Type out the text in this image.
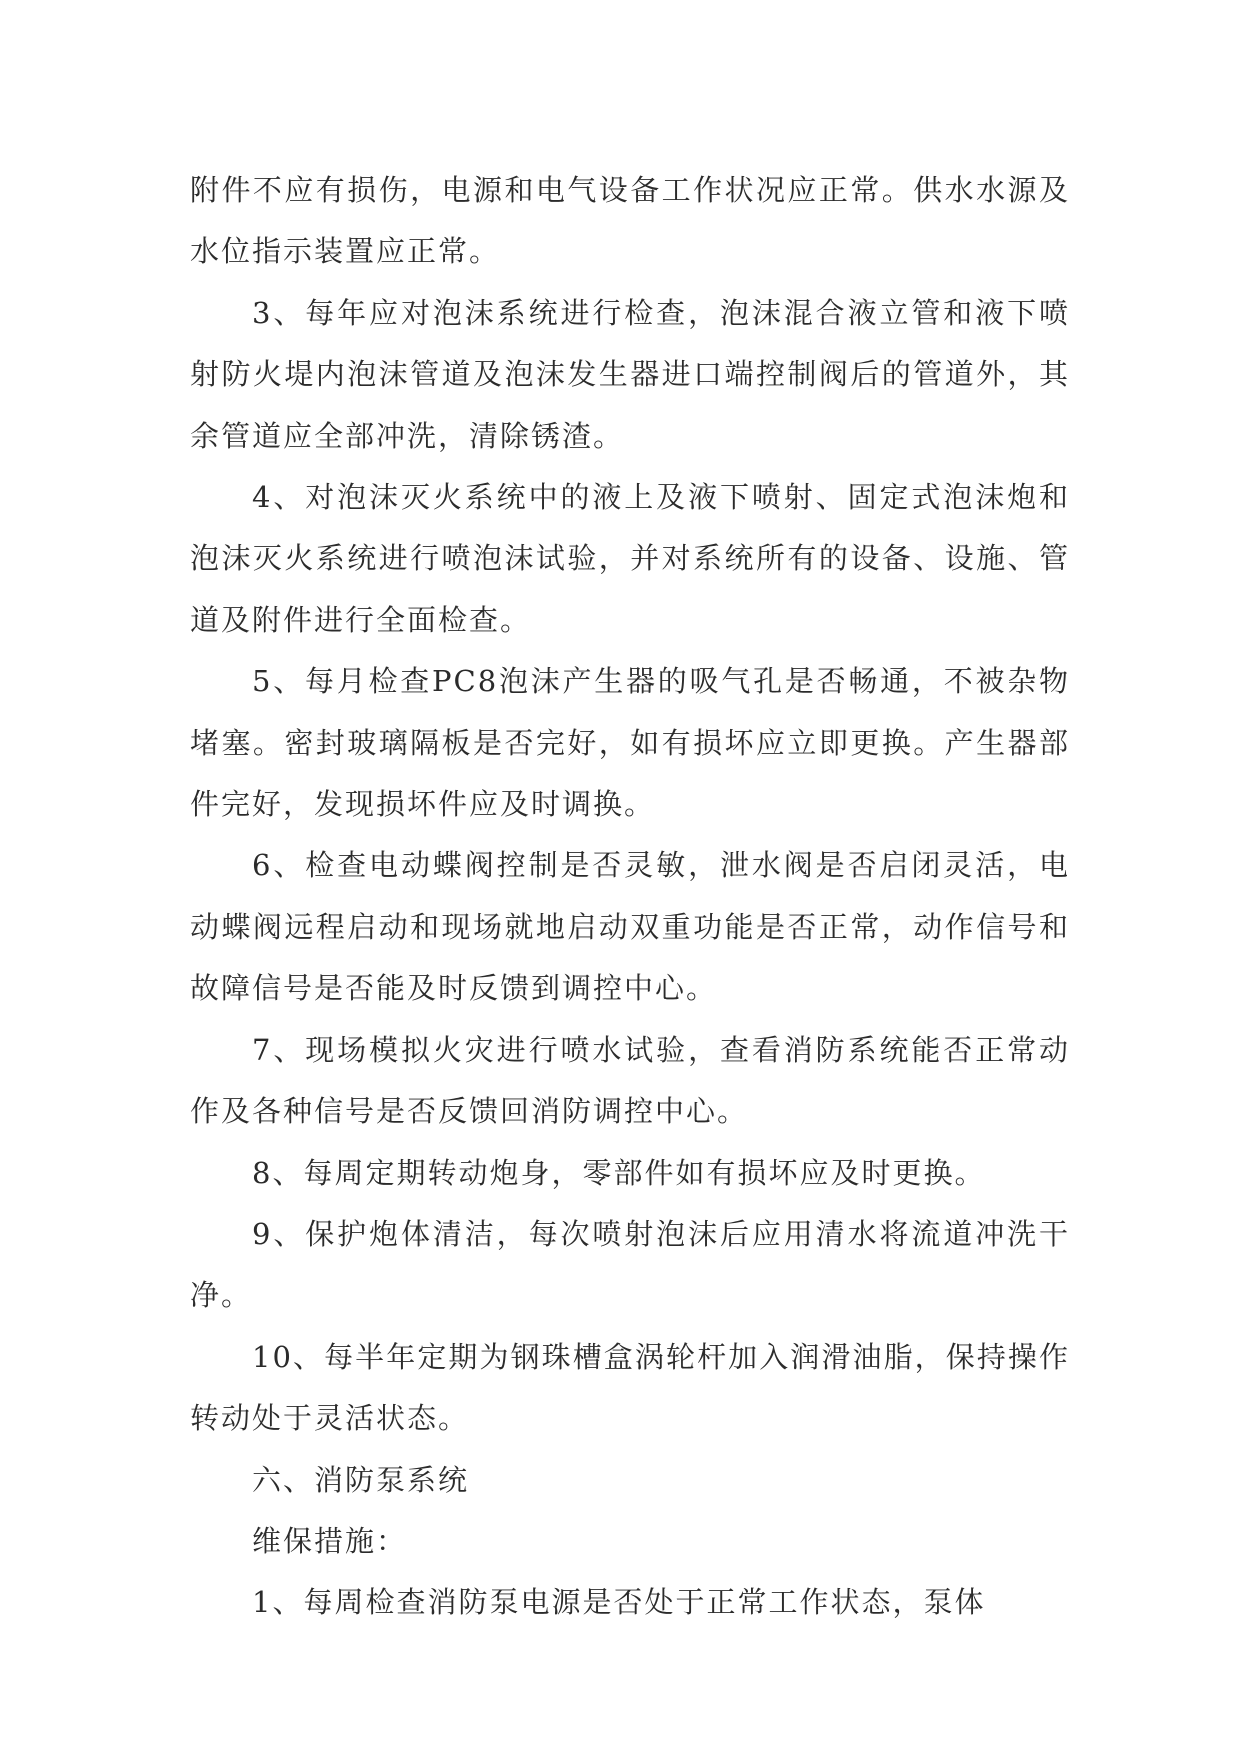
附件不应有损伤，电源和电气设备工作状况应正常。供水水源及水位指示装置应正常。

3、每年应对泡沫系统进行检查，泡沫混合液立管和液下喷射防火堤内泡沫管道及泡沫发生器进口端控制阀后的管道外，其余管道应全部冲洗，清除锈渣。

4、对泡沫灭火系统中的液上及液下喷射、固定式泡沫炮和泡沫灭火系统进行喷泡沫试验，并对系统所有的设备、设施、管道及附件进行全面检查。

5、每月检查PC8泡沫产生器的吸气孔是否畅通，不被杂物堵塞。密封玻璃隔板是否完好，如有损坏应立即更换。产生器部件完好，发现损坏件应及时调换。

6、检查电动蝶阀控制是否灵敏，泄水阀是否启闭灵活，电动蝶阀远程启动和现场就地启动双重功能是否正常，动作信号和故障信号是否能及时反馈到调控中心。

7、现场模拟火灾进行喷水试验，查看消防系统能否正常动作及各种信号是否反馈回消防调控中心。

8、每周定期转动炮身，零部件如有损坏应及时更换。

9、保护炮体清洁，每次喷射泡沫后应用清水将流道冲洗干净。

10、每半年定期为钢珠槽盒涡轮杆加入润滑油脂，保持操作转动处于灵活状态。

六、消防泵系统

维保措施：

1、每周检查消防泵电源是否处于正常工作状态，泵体
